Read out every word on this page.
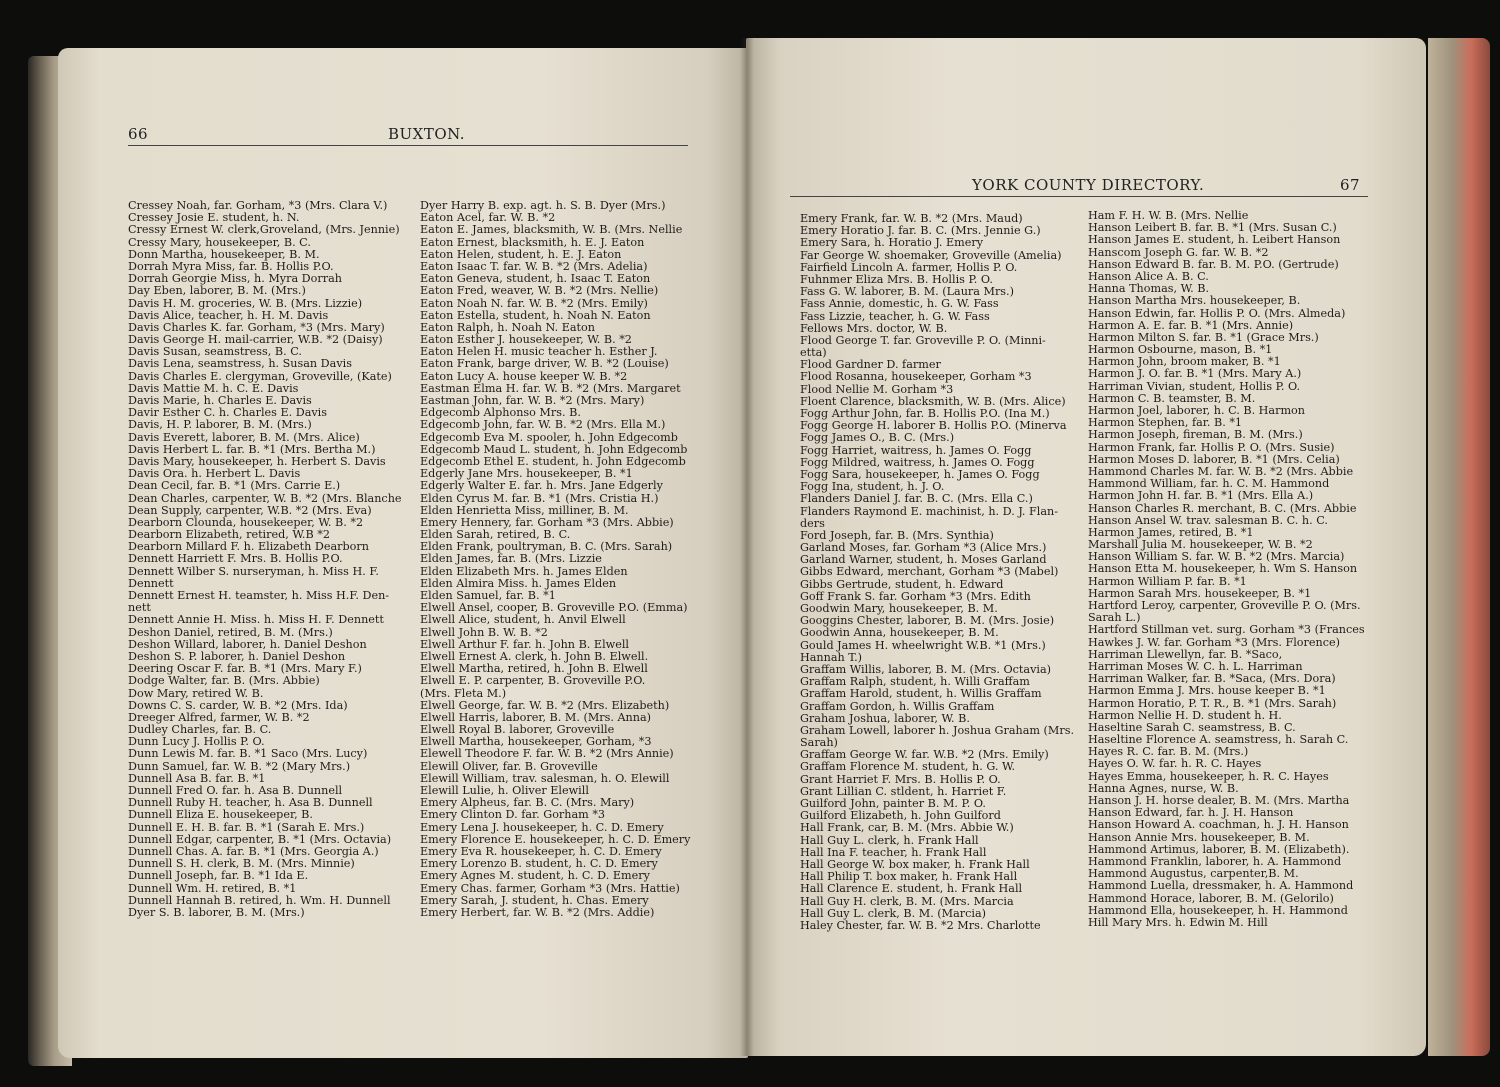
66	BUXTON.
YORK COUNTY DIRECTORY.	67
Cressey Noah, far. Gorham, *3 (Mrs. Clara V.)
Cressey Josie E. student, h. N.
Cressy Ernest W. clerk,Groveland, (Mrs. Jennie)
Cressy Mary, housekeeper, B. C.
Donn Martha, housekeeper, B. M.
Dorrah Myra Miss, far. B. Hollis P.O.
Dorrah Georgie Miss, h. Myra Dorrah
Day Eben, laborer, B. M. (Mrs.)
Davis H. M. groceries, W. B. (Mrs. Lizzie)
Davis Alice, teacher, h. H. M. Davis
Davis Charles K. far. Gorham, *3 (Mrs. Mary)
Davis George H. mail-carrier, W.B. *2 (Daisy)
Davis Susan, seamstress, B. C.
Davis Lena, seamstress, h. Susan Davis
Davis Charles E. clergyman, Groveville, (Kate)
Davis Mattie M. h. C. E. Davis
Davis Marie, h. Charles E. Davis
Davir Esther C. h. Charles E. Davis
Davis, H. P. laborer, B. M. (Mrs.)
Davis Everett, laborer, B. M. (Mrs. Alice)
Davis Herbert L. far. B. *1 (Mrs. Bertha M.)
Davis Mary, housekeeper, h. Herbert S. Davis
Davis Ora. h. Herbert L. Davis
Dean Cecil, far. B. *1 (Mrs. Carrie E.)
Dean Charles, carpenter, W. B. *2 (Mrs. Blanche
Dean Supply, carpenter, W.B. *2 (Mrs. Eva)
Dearborn Clounda, housekeeper, W. B. *2
Dearborn Elizabeth, retired, W.B *2
Dearborn Millard F. h. Elizabeth Dearborn
Dennett Harriett F. Mrs. B. Hollis P.O.
Dennett Wilber S. nurseryman, h. Miss H. F.
Dennett
Dennett Ernest H. teamster, h. Miss H.F. Den-
nett
Dennett Annie H. Miss. h. Miss H. F. Dennett
Deshon Daniel, retired, B. M. (Mrs.)
Deshon Willard, laborer, h. Daniel Deshon
Deshon S. P. laborer, h. Daniel Deshon
Deering Oscar F. far. B. *1 (Mrs. Mary F.)
Dodge Walter, far. B. (Mrs. Abbie)
Dow Mary, retired W. B.
Downs C. S. carder, W. B. *2 (Mrs. Ida)
Dreeger Alfred, farmer, W. B. *2
Dudley Charles, far. B. C.
Dunn Lucy J. Hollis P. O.
Dunn Lewis M. far. B. *1 Saco (Mrs. Lucy)
Dunn Samuel, far. W. B. *2 (Mary Mrs.)
Dunnell Asa B. far. B. *1
Dunnell Fred O. far. h. Asa B. Dunnell
Dunnell Ruby H. teacher, h. Asa B. Dunnell
Dunnell Eliza E. housekeeper, B.
Dunnell E. H. B. far. B. *1 (Sarah E. Mrs.)
Dunnell Edgar, carpenter, B. *1 (Mrs. Octavia)
Dunnell Chas. A. far. B. *1 (Mrs. Georgia A.)
Dunnell S. H. clerk, B. M. (Mrs. Minnie)
Dunnell Joseph, far. B. *1 Ida E.
Dunnell Wm. H. retired, B. *1
Dunnell Hannah B. retired, h. Wm. H. Dunnell
Dyer S. B. laborer, B. M. (Mrs.)
Dyer Harry B. exp. agt. h. S. B. Dyer (Mrs.)
Eaton Acel, far. W. B. *2
Eaton E. James, blacksmith, W. B. (Mrs. Nellie
Eaton Ernest, blacksmith, h. E. J. Eaton
Eaton Helen, student, h. E. J. Eaton
Eaton Isaac T. far. W. B. *2 (Mrs. Adelia)
Eaton Geneva, student, h. Isaac T. Eaton
Eaton Fred, weaver, W. B. *2 (Mrs. Nellie)
Eaton Noah N. far. W. B. *2 (Mrs. Emily)
Eaton Estella, student, h. Noah N. Eaton
Eaton Ralph, h. Noah N. Eaton
Eaton Esther J. housekeeper, W. B. *2
Eaton Helen H. music teacher h. Esther J.
Eaton Frank, barge driver, W. B. *2 (Louise)
Eaton Lucy A. house keeper W. B. *2
Eastman Elma H. far. W. B. *2 (Mrs. Margaret
Eastman John, far. W. B. *2 (Mrs. Mary)
Edgecomb Alphonso Mrs. B.
Edgecomb John, far. W. B. *2 (Mrs. Ella M.)
Edgecomb Eva M. spooler, h. John Edgecomb
Edgecomb Maud L. student, h. John Edgecomb
Edgecomb Ethel E. student, h. John Edgecomb
Edgerly Jane Mrs. housekeeper, B. *1
Edgerly Walter E. far. h. Mrs. Jane Edgerly
Elden Cyrus M. far. B. *1 (Mrs. Cristia H.)
Elden Henrietta Miss, milliner, B. M.
Emery Hennery, far. Gorham *3 (Mrs. Abbie)
Elden Sarah, retired, B. C.
Elden Frank, poultryman, B. C. (Mrs. Sarah)
Elden James, far. B. (Mrs. Lizzie
Elden Elizabeth Mrs. h. James Elden
Elden Almira Miss. h. James Elden
Elden Samuel, far. B. *1
Elwell Ansel, cooper, B. Groveville P.O. (Emma)
Elwell Alice, student, h. Anvil Elwell
Elwell John B. W. B. *2
Elwell Arthur F. far. h. John B. Elwell
Elwell Ernest A. clerk, h. John B. Elwell.
Elwell Martha, retired, h. John B. Elwell
Elwell E. P. carpenter, B. Groveville P.O.
(Mrs. Fleta M.)
Elwell George, far. W. B. *2 (Mrs. Elizabeth)
Elwell Harris, laborer, B. M. (Mrs. Anna)
Elwell Royal B. laborer, Groveville
Elwell Martha, housekeeper, Gorham, *3
Elewell Theodore F. far. W. B. *2 (Mrs Annie)
Elewill Oliver, far. B. Groveville
Elewill William, trav. salesman, h. O. Elewill
Elewill Lulie, h. Oliver Elewill
Emery Alpheus, far. B. C. (Mrs. Mary)
Emery Clinton D. far. Gorham *3
Emery Lena J. housekeeper, h. C. D. Emery
Emery Florence E. housekeeper, h. C. D. Emery
Emery Eva R. housekeeper, h. C. D. Emery
Emery Lorenzo B. student, h. C. D. Emery
Emery Agnes M. student, h. C. D. Emery
Emery Chas. farmer, Gorham *3 (Mrs. Hattie)
Emery Sarah, J. student, h. Chas. Emery
Emery Herbert, far. W. B. *2 (Mrs. Addie)
Emery Frank, far. W. B. *2 (Mrs. Maud)
Emery Horatio J. far. B. C. (Mrs. Jennie G.)
Emery Sara, h. Horatio J. Emery
Far George W. shoemaker, Groveville (Amelia)
Fairfield Lincoln A. farmer, Hollis P. O.
Fuhnmer Eliza Mrs. B. Hollis P. O.
Fass G. W. laborer, B. M. (Laura Mrs.)
Fass Annie, domestic, h. G. W. Fass
Fass Lizzie, teacher, h. G. W. Fass
Fellows Mrs. doctor, W. B.
Flood George T. far. Groveville P. O. (Minni-
etta)
Flood Gardner D. farmer
Flood Rosanna, housekeeper, Gorham *3
Flood Nellie M. Gorham *3
Floent Clarence, blacksmith, W. B. (Mrs. Alice)
Fogg Arthur John, far. B. Hollis P.O. (Ina M.)
Fogg George H. laborer B. Hollis P.O. (Minerva
Fogg James O., B. C. (Mrs.)
Fogg Harriet, waitress, h. James O. Fogg
Fogg Mildred, waitress, h. James O. Fogg
Fogg Sara, housekeeper, h. James O. Fogg
Fogg Ina, student, h. J. O.
Flanders Daniel J. far. B. C. (Mrs. Ella C.)
Flanders Raymond E. machinist, h. D. J. Flan-
ders
Ford Joseph, far. B. (Mrs. Synthia)
Garland Moses, far. Gorham *3 (Alice Mrs.)
Garland Warner, student, h. Moses Garland
Gibbs Edward, merchant, Gorham *3 (Mabel)
Gibbs Gertrude, student, h. Edward
Goff Frank S. far. Gorham *3 (Mrs. Edith
Goodwin Mary, housekeeper, B. M.
Googgins Chester, laborer, B. M. (Mrs. Josie)
Goodwin Anna, housekeeper, B. M.
Gould James H. wheelwright W.B. *1 (Mrs.)
Hannah T.)
Graffam Willis, laborer, B. M. (Mrs. Octavia)
Graffam Ralph, student, h. Willi Graffam
Graffam Harold, student, h. Willis Graffam
Graffam Gordon, h. Willis Graffam
Graham Joshua, laborer, W. B.
Graham Lowell, laborer h. Joshua Graham (Mrs.
Sarah)
Graffam George W. far. W.B. *2 (Mrs. Emily)
Graffam Florence M. student, h. G. W.
Grant Harriet F. Mrs. B. Hollis P. O.
Grant Lillian C. stldent, h. Harriet F.
Guilford John, painter B. M. P. O.
Guilford Elizabeth, h. John Guilford
Hall Frank, car, B. M. (Mrs. Abbie W.)
Hall Guy L. clerk, h. Frank Hall
Hall Ina F. teacher, h. Frank Hall
Hall George W. box maker, h. Frank Hall
Hall Philip T. box maker, h. Frank Hall
Hall Clarence E. student, h. Frank Hall
Hall Guy H. clerk, B. M. (Mrs. Marcia
Hall Guy L. clerk, B. M. (Marcia)
Haley Chester, far. W. B. *2 Mrs. Charlotte
Ham F. H. W. B. (Mrs. Nellie
Hanson Leibert B. far. B. *1 (Mrs. Susan C.)
Hanson James E. student, h. Leibert Hanson
Hanscom Joseph G. far. W. B. *2
Hanson Edward B. far. B. M. P.O. (Gertrude)
Hanson Alice A. B. C.
Hanna Thomas, W. B.
Hanson Martha Mrs. housekeeper, B.
Hanson Edwin, far. Hollis P. O. (Mrs. Almeda)
Harmon A. E. far. B. *1 (Mrs. Annie)
Harmon Milton S. far. B. *1 (Grace Mrs.)
Harmon Osbourne, mason, B. *1
Harmon John, broom maker, B. *1
Harmon J. O. far. B. *1 (Mrs. Mary A.)
Harriman Vivian, student, Hollis P. O.
Harmon C. B. teamster, B. M.
Harmon Joel, laborer, h. C. B. Harmon
Harmon Stephen, far. B. *1
Harmon Joseph, fireman, B. M. (Mrs.)
Harmon Frank, far. Hollis P. O. (Mrs. Susie)
Harmon Moses D. laborer, B. *1 (Mrs. Celia)
Hammond Charles M. far. W. B. *2 (Mrs. Abbie
Hammond William, far. h. C. M. Hammond
Harmon John H. far. B. *1 (Mrs. Ella A.)
Hanson Charles R. merchant, B. C. (Mrs. Abbie
Hanson Ansel W. trav. salesman B. C. h. C.
Harmon James, retired, B. *1
Marshall Julia M. housekeeper, W. B. *2
Hanson William S. far. W. B. *2 (Mrs. Marcia)
Hanson Etta M. housekeeper, h. Wm S. Hanson
Harmon William P. far. B. *1
Harmon Sarah Mrs. housekeeper, B. *1
Hartford Leroy, carpenter, Groveville P. O. (Mrs.
Sarah L.)
Hartford Stillman vet. surg. Gorham *3 (Frances
Hawkes J. W. far. Gorham *3 (Mrs. Florence)
Harriman Llewellyn, far. B. *Saco,
Harriman Moses W. C. h. L. Harriman
Harriman Walker, far. B. *Saca, (Mrs. Dora)
Harmon Emma J. Mrs. house keeper B. *1
Harmon Horatio, P. T. R., B. *1 (Mrs. Sarah)
Harmon Nellie H. D. student h. H.
Haseltine Sarah C. seamstress, B. C.
Haseltine Florence A. seamstress, h. Sarah C.
Hayes R. C. far. B. M. (Mrs.)
Hayes O. W. far. h. R. C. Hayes
Hayes Emma, housekeeper, h. R. C. Hayes
Hanna Agnes, nurse, W. B.
Hanson J. H. horse dealer, B. M. (Mrs. Martha
Hanson Edward, far. h. J. H. Hanson
Hanson Howard A. coachman, h. J. H. Hanson
Hanson Annie Mrs. housekeeper, B. M.
Hammond Artimus, laborer, B. M. (Elizabeth).
Hammond Franklin, laborer, h. A. Hammond
Hammond Augustus, carpenter,B. M.
Hammond Luella, dressmaker, h. A. Hammond
Hammond Horace, laborer, B. M. (Gelorilo)
Hammond Ella, housekeeper, h. H. Hammond
Hill Mary Mrs. h. Edwin M. Hill
